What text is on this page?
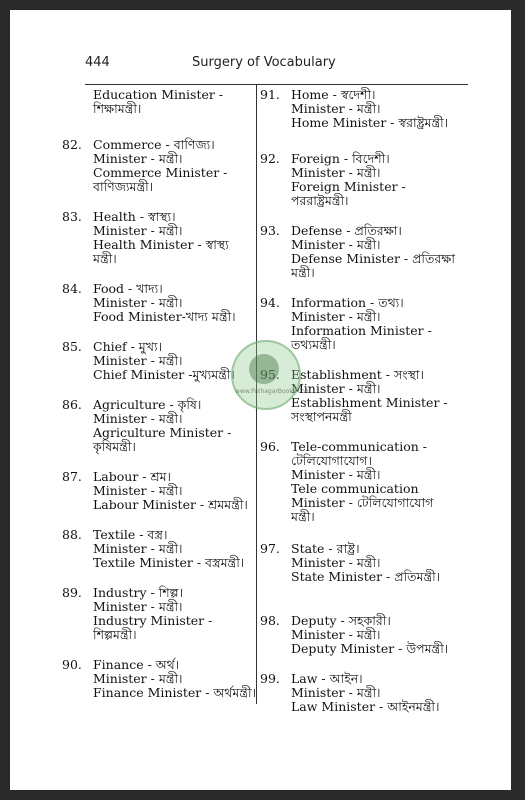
444	Surgery of Vocabulary
Education Minister -
শিক্ষামন্ত্রী।
82. Commerce - বাণিজ্য।
Minister - মন্ত্রী।
Commerce Minister -
বাণিজ্যমন্ত্রী।
83. Health - স্বাস্থ্য।
Minister - মন্ত্রী।
Health Minister - স্বাস্থ্য
মন্ত্রী।
84. Food - খাদ্য।
Minister - মন্ত্রী।
Food Minister-খাদ্য মন্ত্রী।
85. Chief - মুখ্য।
Minister - মন্ত্রী।
Chief Minister -মুখ্যমন্ত্রী।
86. Agriculture - কৃষি।
Minister - মন্ত্রী।
Agriculture Minister -
কৃষিমন্ত্রী।
87. Labour - শ্রম।
Minister - মন্ত্রী।
Labour Minister - শ্রমমন্ত্রী।
88. Textile - বস্ত্র।
Minister - মন্ত্রী।
Textile Minister - বস্ত্রমন্ত্রী।
89. Industry - শিল্প।
Minister - মন্ত্রী।
Industry Minister -
শিল্পমন্ত্রী।
90. Finance - অর্থ।
Minister - মন্ত্রী।
Finance Minister - অর্থমন্ত্রী।
91. Home - স্বদেশী।
Minister - মন্ত্রী।
Home Minister - স্বরাষ্ট্রমন্ত্রী।
92. Foreign - বিদেশী।
Minister - মন্ত্রী।
Foreign Minister -
পররাষ্ট্রমন্ত্রী।
93. Defense - প্রতিরক্ষা।
Minister - মন্ত্রী।
Defense Minister - প্রতিরক্ষা
মন্ত্রী।
94. Information - তথ্য।
Minister - মন্ত্রী।
Information Minister -
তথ্যমন্ত্রী।
95. Establishment - সংস্থা।
Minister - মন্ত্রী।
Establishment Minister -
সংস্থাপনমন্ত্রী
96. Tele-communication -
টেলিযোগাযোগ।
Minister - মন্ত্রী।
Tele communication
Minister - টেলিযোগাযোগ
মন্ত্রী।
97. State - রাষ্ট্র।
Minister - মন্ত্রী।
State Minister - প্রতিমন্ত্রী।
98. Deputy - সহকারী।
Minister - মন্ত্রী।
Deputy Minister - উপমন্ত্রী।
99. Law - আইন।
Minister - মন্ত্রী।
Law Minister - আইনমন্ত্রী।
www.PathagarBooks.com
